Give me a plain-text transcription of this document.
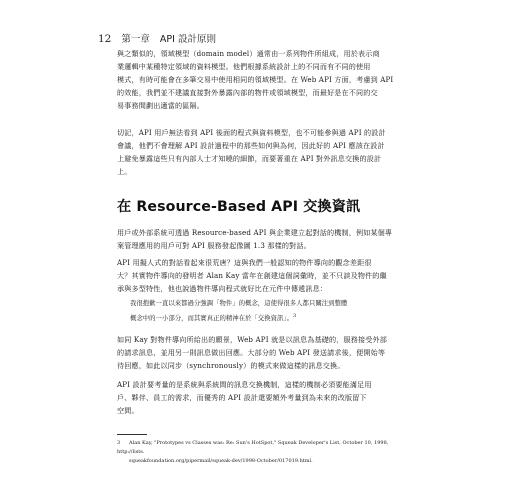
12 第一章 API 設計原則

與之類似的，領域模型（domain model）通常由一系列物件所組成，用於表示商

業邏輯中某種特定領域的資料模型。他們根據系統設計上的不同而有不同的使用

模式，有時可能會在多筆交易中使用相同的領域模型。在 Web API 方面，考慮到 API

的效能，我們並不建議直接對外暴露內部的物件或領域模型，而最好是在不同的交

易事務間劃出適當的區隔。

切記，API 用戶無法看到 API 後面的程式與資料模型，也不可能參與過 API 的設計

會議，他們不會理解 API 設計過程中的那些如何與為何，因此好的 API 應該在設計

上避免暴露這些只有內部人士才知曉的細節，而要著重在 API 對外訊息交換的設計

上。

在 Resource-Based API 交換資訊

用戶或外部系統可透過 Resource-based API 與企業建立起對話的機制，例如某個專

案管理應用的用戶可對 API 服務發起像圖 1.3 那樣的對話。

API 用擬人式的對話看起來很荒唐？這與我們一般認知的物件導向的觀念差距很

大？其實物件導向的發明者 Alan Kay 當年在創建這個詞彙時，並不只談及物件的繼

承與多型特性，他也說過物件導向程式就好比在元件中傳遞訊息：

我很抱歉一直以來都過分強調「物件」的概念，這使得很多人都只關注到整體
概念中的一小部分，而其實真正的精神在於「交換資訊」。$^3$

如同 Kay 對物件導向所給出的願景，Web API 就是以訊息為基礎的，服務接受外部

的請求訊息，並用另一則訊息做出回應。大部分的 Web API 發送請求後，便開始等

待回應，如此以同步（synchronously）的模式來做這樣的訊息交換。

API 設計要考量的是系統與系統間的訊息交換機制，這樣的機制必須要能滿足用

戶、夥伴、員工的需求，而優秀的 API 設計還要額外考量到為未來的改版留下

空間。

3 Alan Kay, "Prototypes vs Classes was: Re: Sun's HotSpot," Squeak Developer's List, October 10, 1998, http://lists.
squeakfoundation.org/pipermail/squeak-dev/1998-October/017019.html.
